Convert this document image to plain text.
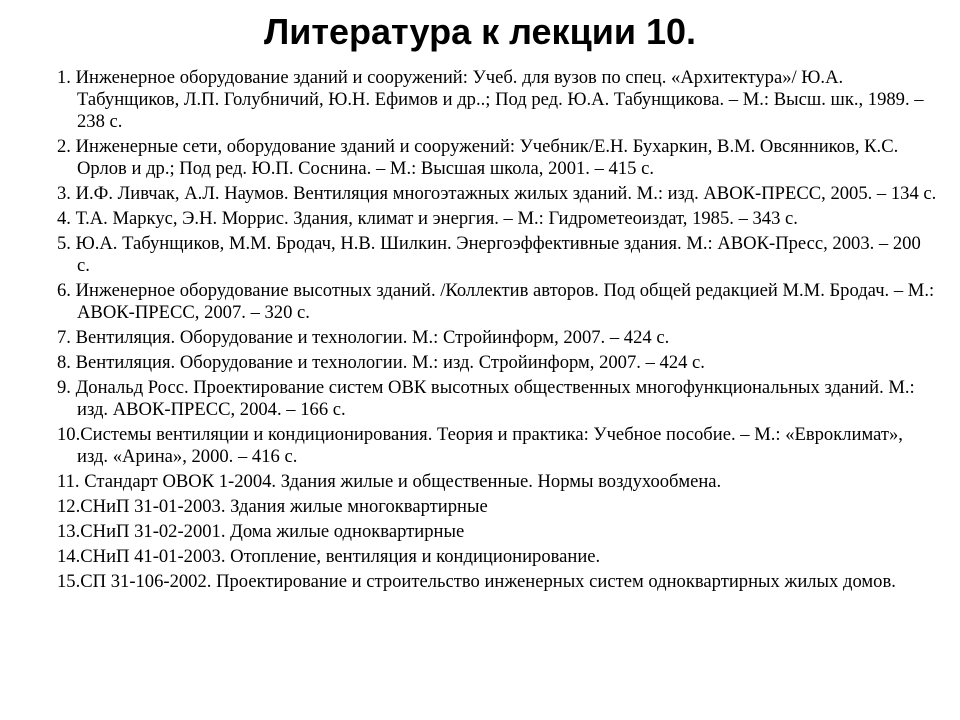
Литература к лекции 10.
1. Инженерное оборудование зданий и сооружений: Учеб. для вузов по спец. «Архитектура»/ Ю.А. Табунщиков, Л.П. Голубничий, Ю.Н. Ефимов и др..; Под ред. Ю.А. Табунщикова. – М.: Высш. шк., 1989. – 238 с.
2. Инженерные сети, оборудование зданий и сооружений: Учебник/Е.Н. Бухаркин, В.М. Овсянников, К.С. Орлов и др.; Под ред. Ю.П. Соснина. – М.: Высшая школа, 2001. – 415 с.
3. И.Ф. Ливчак, А.Л. Наумов. Вентиляция многоэтажных жилых зданий. М.: изд. АВОК-ПРЕСС, 2005. – 134 с.
4. Т.А. Маркус, Э.Н. Моррис. Здания, климат и энергия. – М.: Гидрометеоиздат, 1985. – 343 с.
5. Ю.А. Табунщиков, М.М. Бродач, Н.В. Шилкин. Энергоэффективные здания. М.: АВОК-Пресс, 2003. – 200 с.
6. Инженерное оборудование высотных зданий. /Коллектив авторов. Под общей редакцией М.М. Бродач. – М.: АВОК-ПРЕСС, 2007. – 320 с.
7. Вентиляция. Оборудование и технологии. М.: Стройинформ, 2007. – 424 с.
8. Вентиляция. Оборудование и технологии. М.: изд. Стройинформ, 2007. – 424 с.
9. Дональд Росс. Проектирование систем ОВК высотных общественных многофункциональных зданий. М.: изд. АВОК-ПРЕСС, 2004. – 166 с.
10.Системы вентиляции и кондиционирования. Теория и практика: Учебное пособие. – М.: «Евроклимат», изд. «Арина», 2000. – 416 с.
11. Стандарт ОВОК 1-2004. Здания жилые и общественные. Нормы воздухообмена.
12.СНиП 31-01-2003. Здания жилые многоквартирные
13.СНиП 31-02-2001. Дома жилые одноквартирные
14.СНиП 41-01-2003. Отопление, вентиляция и кондиционирование.
15.СП 31-106-2002. Проектирование и строительство инженерных систем одноквартирных жилых домов.
